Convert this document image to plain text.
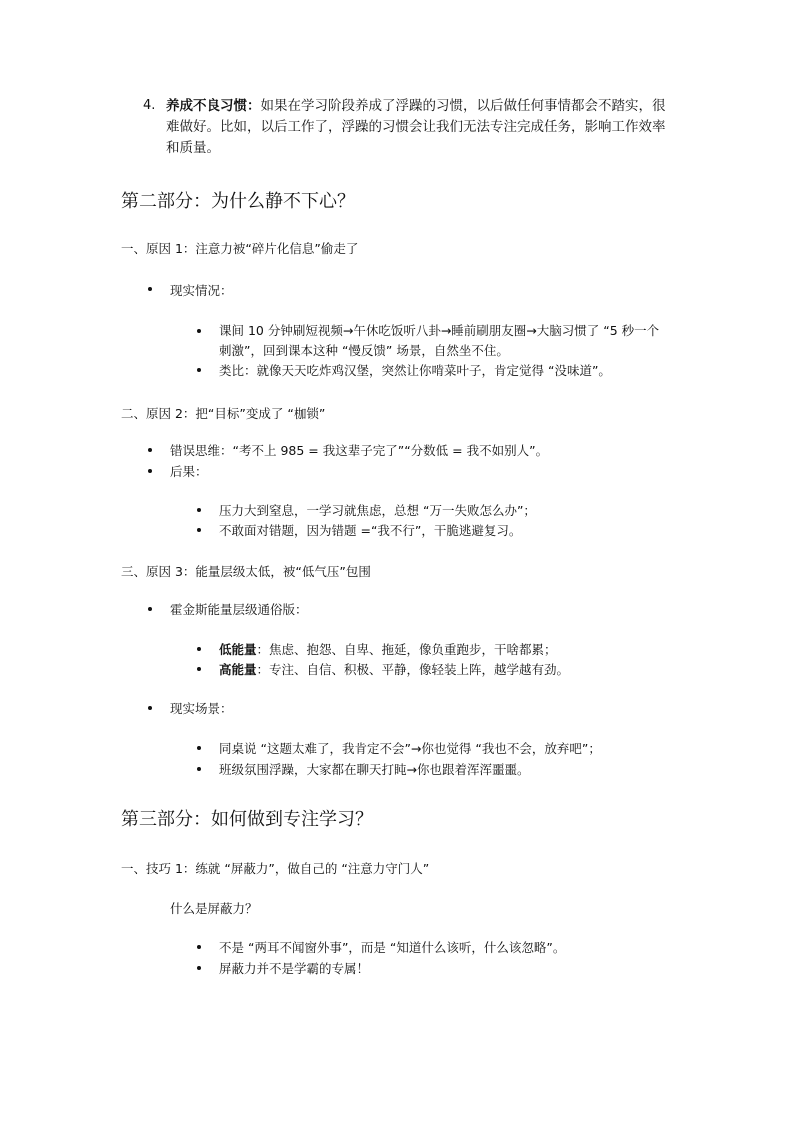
4. 养成不良习惯：如果在学习阶段养成了浮躁的习惯，以后做任何事情都会不踏实，很难做好。比如，以后工作了，浮躁的习惯会让我们无法专注完成任务，影响工作效率和质量。
第二部分：为什么静不下心？
一、原因 1：注意力被“碎片化信息”偷走了
现实情况：
课间 10 分钟刷短视频→午休吃饭听八卦→睡前刷朋友圈→大脑习惯了 “5 秒一个
刺激”，回到课本这种 “慢反馈” 场景，自然坐不住。
类比：就像天天吃炸鸡汉堡，突然让你啃菜叶子，肯定觉得 “没味道”。
二、原因 2：把“目标”变成了 “枷锁”
错误思维：“考不上 985 = 我这辈子完了”“分数低 = 我不如别人”。
后果：
压力大到窒息，一学习就焦虑，总想 “万一失败怎么办”；
不敢面对错题，因为错题 =“我不行”，干脆逃避复习。
三、原因 3：能量层级太低，被“低气压”包围
霍金斯能量层级通俗版：
低能量：焦虑、抱怨、自卑、拖延，像负重跑步，干啥都累；
高能量：专注、自信、积极、平静，像轻装上阵，越学越有劲。
现实场景：
同桌说 “这题太难了，我肯定不会”→你也觉得 “我也不会，放弃吧”；
班级氛围浮躁，大家都在聊天打盹→你也跟着浑浑噩噩。
第三部分：如何做到专注学习？
一、技巧 1：练就 “屏蔽力”，做自己的 “注意力守门人”
什么是屏蔽力？
不是 “两耳不闻窗外事”，而是 “知道什么该听，什么该忽略”。
屏蔽力并不是学霸的专属！
